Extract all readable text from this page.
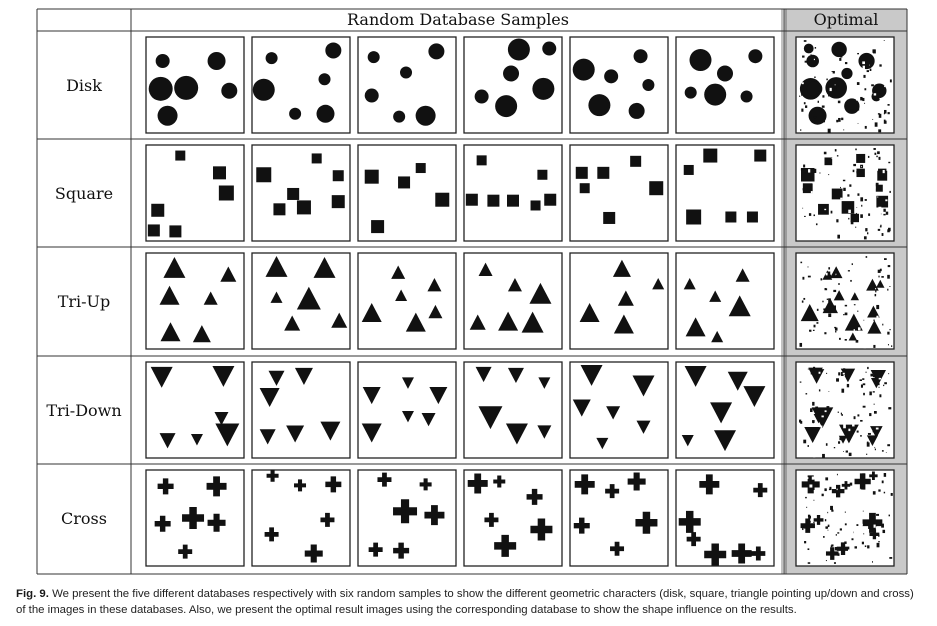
Random Database Samples	Optimal
Disk
Square
Tri-Up
Tri-Down
Cross
Fig. 9. We present the five different databases respectively with six random samples to show the different geometric characters (disk, square, triangle pointing up/down and cross) of the images in these databases. Also, we present the optimal result images using the corresponding database to show the shape influence on the results.
